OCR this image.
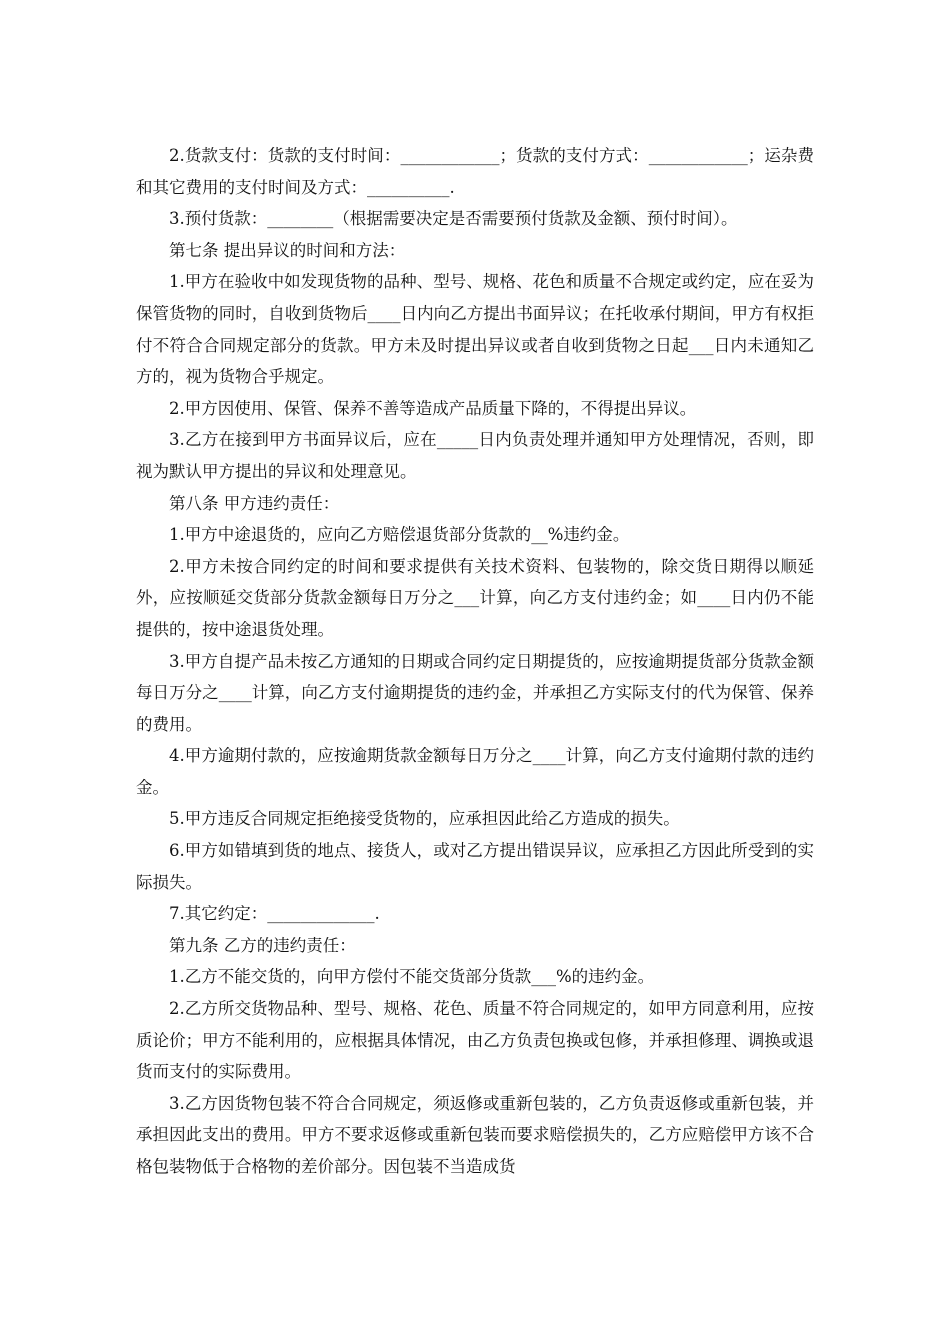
2.货款支付：货款的支付时间：____________；货款的支付方式：____________；运杂费和其它费用的支付时间及方式：__________.

3.预付货款：________（根据需要决定是否需要预付货款及金额、预付时间）。

第七条 提出异议的时间和方法：

1.甲方在验收中如发现货物的品种、型号、规格、花色和质量不合规定或约定，应在妥为保管货物的同时，自收到货物后____日内向乙方提出书面异议；在托收承付期间，甲方有权拒付不符合合同规定部分的货款。甲方未及时提出异议或者自收到货物之日起___日内未通知乙方的，视为货物合乎规定。

2.甲方因使用、保管、保养不善等造成产品质量下降的，不得提出异议。

3.乙方在接到甲方书面异议后，应在_____日内负责处理并通知甲方处理情况，否则，即视为默认甲方提出的异议和处理意见。

第八条 甲方违约责任：

1.甲方中途退货的，应向乙方赔偿退货部分货款的__%违约金。

2.甲方未按合同约定的时间和要求提供有关技术资料、包装物的，除交货日期得以顺延外，应按顺延交货部分货款金额每日万分之___计算，向乙方支付违约金；如____日内仍不能提供的，按中途退货处理。

3.甲方自提产品未按乙方通知的日期或合同约定日期提货的，应按逾期提货部分货款金额每日万分之____计算，向乙方支付逾期提货的违约金，并承担乙方实际支付的代为保管、保养的费用。

4.甲方逾期付款的，应按逾期货款金额每日万分之____计算，向乙方支付逾期付款的违约金。

5.甲方违反合同规定拒绝接受货物的，应承担因此给乙方造成的损失。

6.甲方如错填到货的地点、接货人，或对乙方提出错误异议，应承担乙方因此所受到的实际损失。

7.其它约定：_____________.

第九条 乙方的违约责任：

1.乙方不能交货的，向甲方偿付不能交货部分货款___%的违约金。

2.乙方所交货物品种、型号、规格、花色、质量不符合同规定的，如甲方同意利用，应按质论价；甲方不能利用的，应根据具体情况，由乙方负责包换或包修，并承担修理、调换或退货而支付的实际费用。

3.乙方因货物包装不符合合同规定，须返修或重新包装的，乙方负责返修或重新包装，并承担因此支出的费用。甲方不要求返修或重新包装而要求赔偿损失的，乙方应赔偿甲方该不合格包装物低于合格物的差价部分。因包装不当造成货
